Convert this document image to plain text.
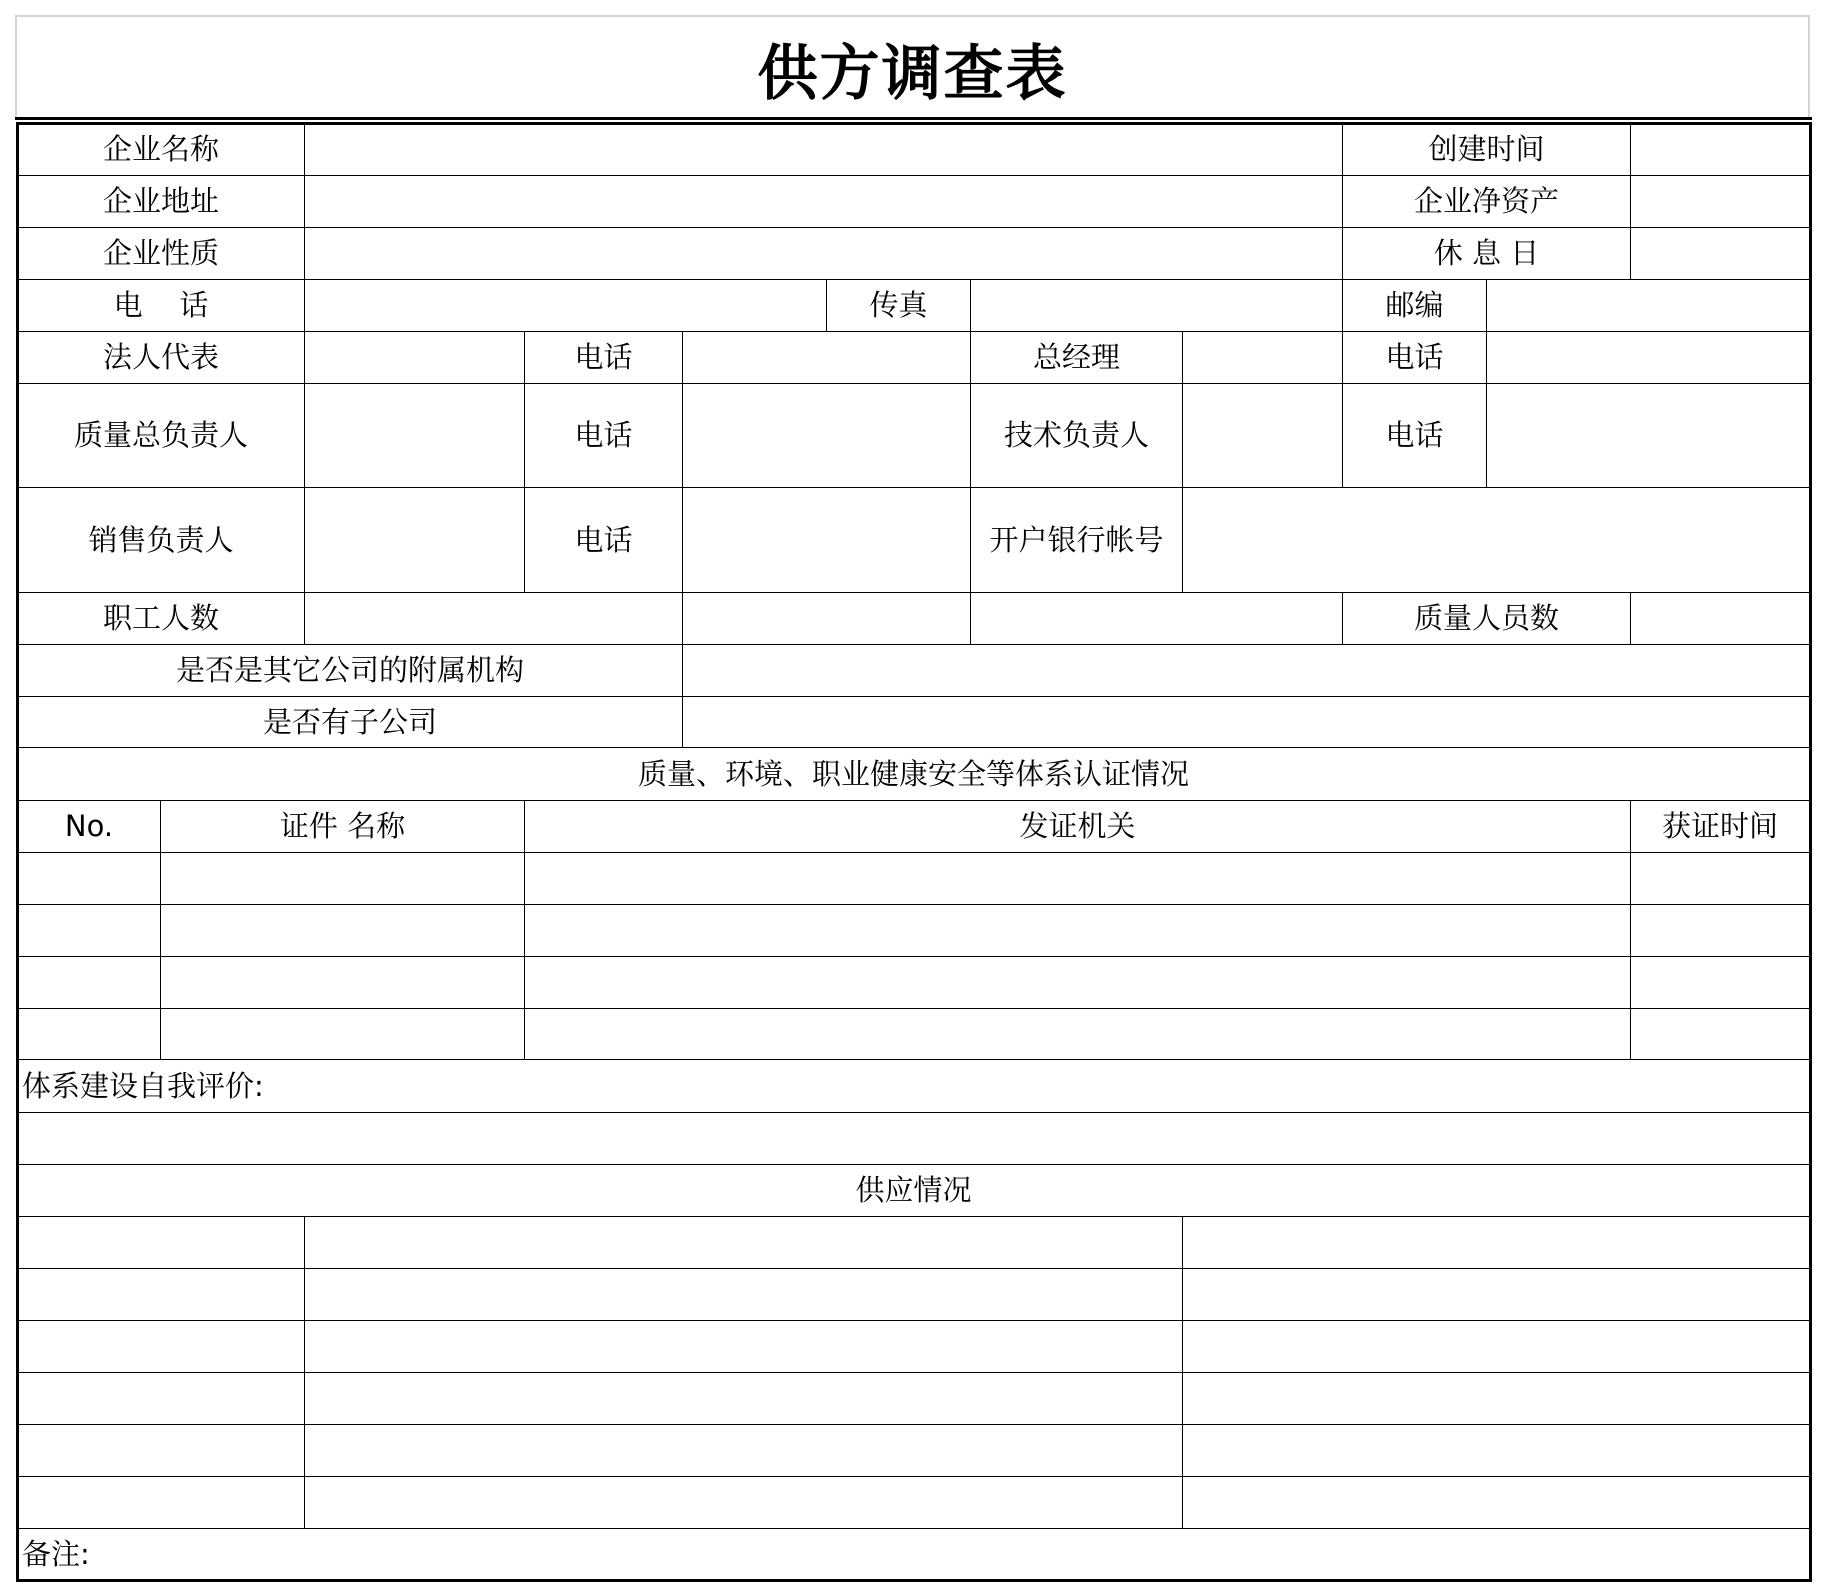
供方调查表
企业名称	创建时间
企业地址	企业净资产
企业性质	休 息 日
电    话	传真	邮编
法人代表	电话	总经理	电话
质量总负责人	电话	技术负责人	电话
销售负责人	电话	开户银行帐号
职工人数	质量人员数
是否是其它公司的附属机构
是否有子公司
质量、环境、职业健康安全等体系认证情况
No.	证件 名称	发证机关	获证时间
体系建设自我评价:
供应情况
备注:
